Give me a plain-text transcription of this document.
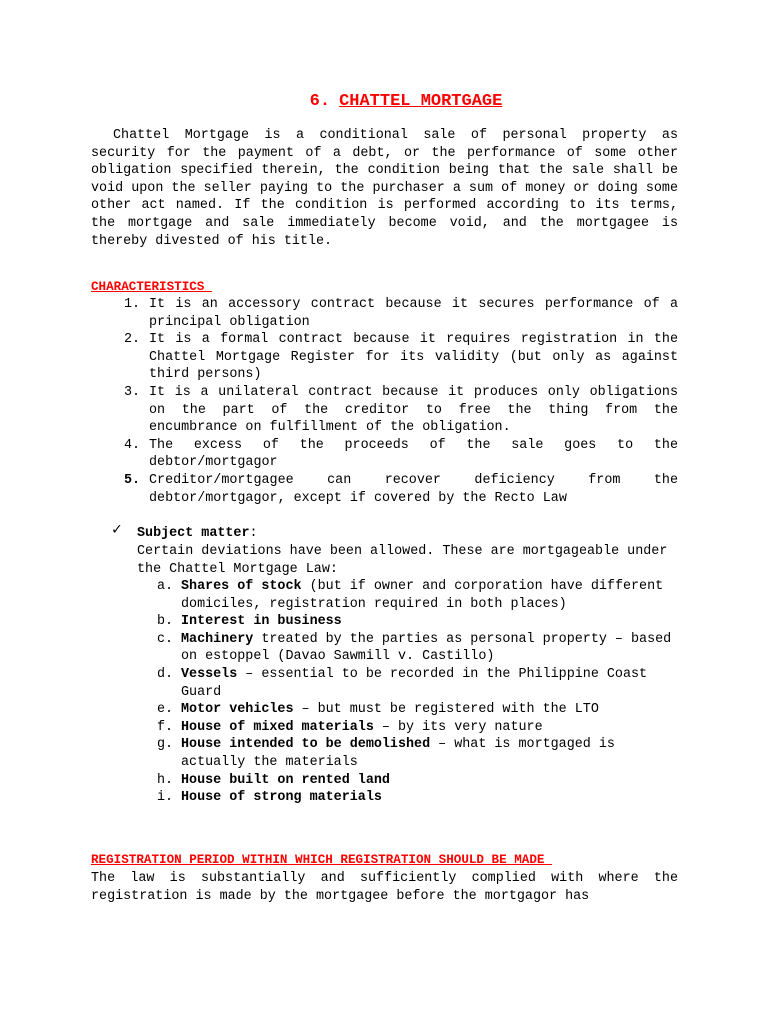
6. CHATTEL MORTGAGE

Chattel Mortgage is a conditional sale of personal property as security for the payment of a debt, or the performance of some other obligation specified therein, the condition being that the sale shall be void upon the seller paying to the purchaser a sum of money or doing some other act named. If the condition is performed according to its terms, the mortgage and sale immediately become void, and the mortgagee is thereby divested of his title.

CHARACTERISTICS
1. It is an accessory contract because it secures performance of a principal obligation
2. It is a formal contract because it requires registration in the Chattel Mortgage Register for its validity (but only as against third persons)
3. It is a unilateral contract because it produces only obligations on the part of the creditor to free the thing from the encumbrance on fulfillment of the obligation.
4. The excess of the proceeds of the sale goes to the debtor/mortgagor
5. Creditor/mortgagee can recover deficiency from the debtor/mortgagor, except if covered by the Recto Law
✓ Subject matter:
Certain deviations have been allowed. These are mortgageable under the Chattel Mortgage Law:
a. Shares of stock (but if owner and corporation have different domiciles, registration required in both places)
b. Interest in business
c. Machinery treated by the parties as personal property – based on estoppel (Davao Sawmill v. Castillo)
d. Vessels – essential to be recorded in the Philippine Coast Guard
e. Motor vehicles – but must be registered with the LTO
f. House of mixed materials – by its very nature
g. House intended to be demolished – what is mortgaged is actually the materials
h. House built on rented land
i. House of strong materials
REGISTRATION PERIOD WITHIN WHICH REGISTRATION SHOULD BE MADE

The law is substantially and sufficiently complied with where the registration is made by the mortgagee before the mortgagor has
